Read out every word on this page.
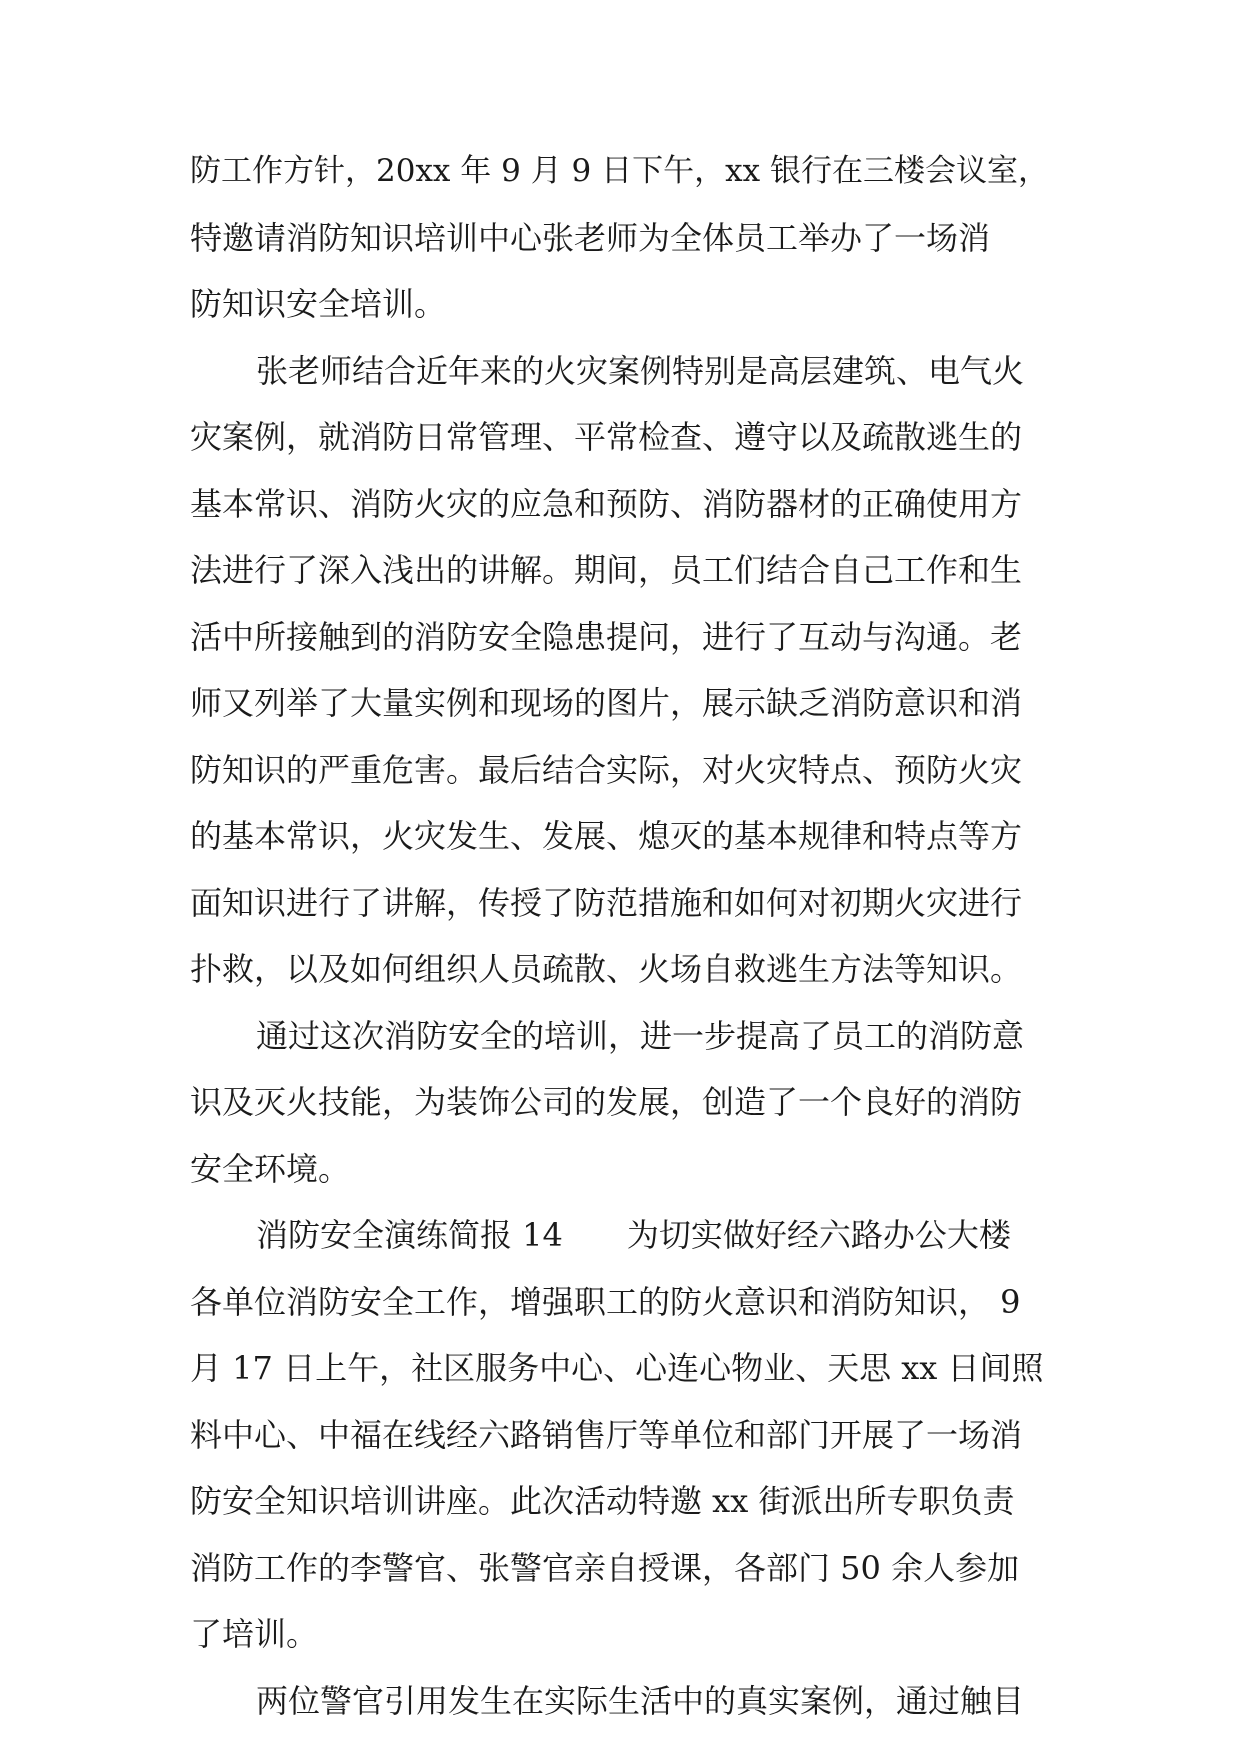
防工作方针，20xx 年 9 月 9 日下午，xx 银行在三楼会议室，

特邀请消防知识培训中心张老师为全体员工举办了一场消

防知识安全培训。

张老师结合近年来的火灾案例特别是高层建筑、电气火

灾案例，就消防日常管理、平常检查、遵守以及疏散逃生的

基本常识、消防火灾的应急和预防、消防器材的正确使用方

法进行了深入浅出的讲解。期间，员工们结合自己工作和生

活中所接触到的消防安全隐患提问，进行了互动与沟通。老

师又列举了大量实例和现场的图片，展示缺乏消防意识和消

防知识的严重危害。最后结合实际，对火灾特点、预防火灾

的基本常识，火灾发生、发展、熄灭的基本规律和特点等方

面知识进行了讲解，传授了防范措施和如何对初期火灾进行

扑救，以及如何组织人员疏散、火场自救逃生方法等知识。

通过这次消防安全的培训，进一步提高了员工的消防意

识及灭火技能，为装饰公司的发展，创造了一个良好的消防

安全环境。

消防安全演练简报 14　　为切实做好经六路办公大楼

各单位消防安全工作，增强职工的防火意识和消防知识， 9

月 17 日上午，社区服务中心、心连心物业、天思 xx 日间照

料中心、中福在线经六路销售厅等单位和部门开展了一场消

防安全知识培训讲座。此次活动特邀 xx 街派出所专职负责

消防工作的李警官、张警官亲自授课，各部门 50 余人参加

了培训。

两位警官引用发生在实际生活中的真实案例，通过触目
